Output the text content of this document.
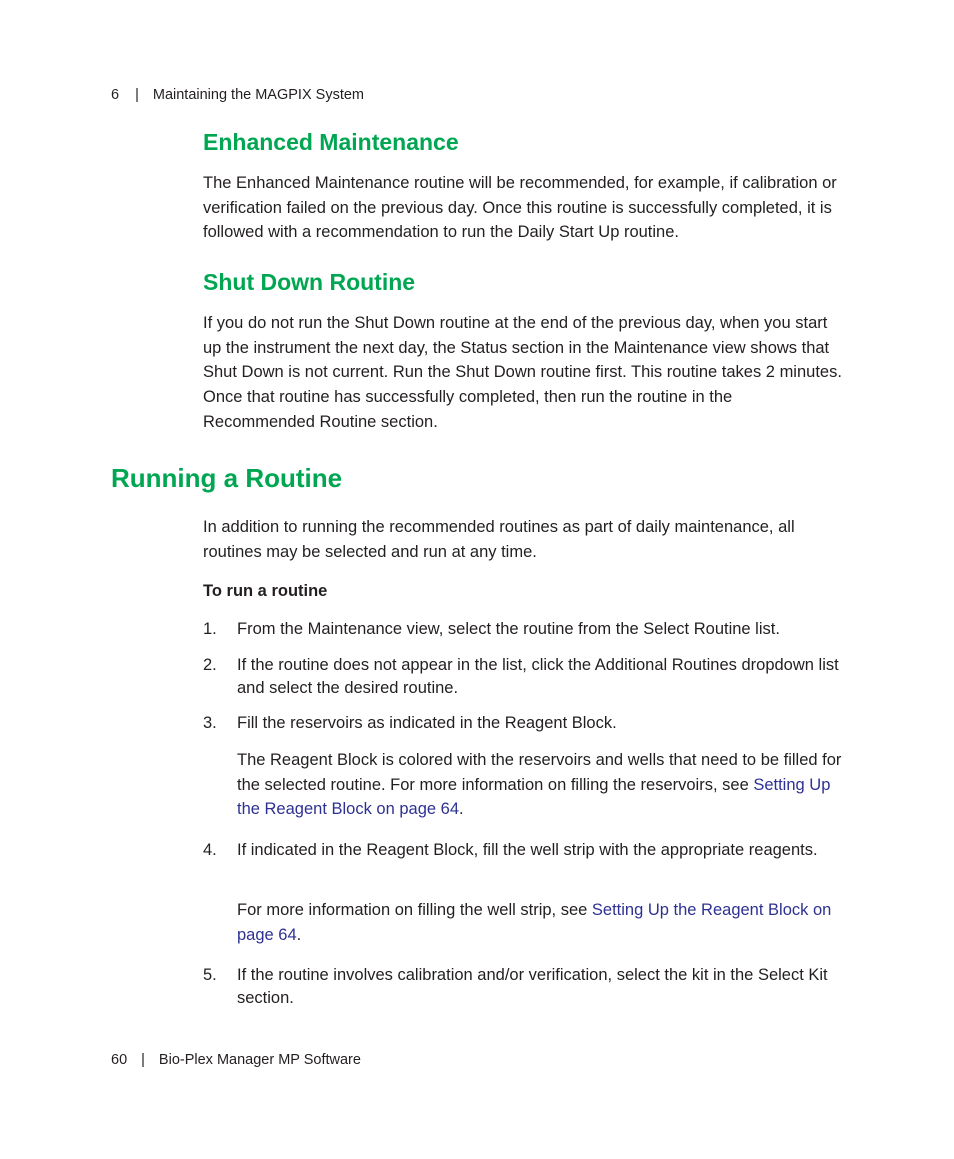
6 | Maintaining the MAGPIX System
Enhanced Maintenance

The Enhanced Maintenance routine will be recommended, for example, if calibration or verification failed on the previous day. Once this routine is successfully completed, it is followed with a recommendation to run the Daily Start Up routine.

Shut Down Routine

If you do not run the Shut Down routine at the end of the previous day, when you start up the instrument the next day, the Status section in the Maintenance view shows that Shut Down is not current. Run the Shut Down routine first. This routine takes 2 minutes. Once that routine has successfully completed, then run the routine in the Recommended Routine section.

Running a Routine

In addition to running the recommended routines as part of daily maintenance, all routines may be selected and run at any time.

To run a routine
1. From the Maintenance view, select the routine from the Select Routine list.
2. If the routine does not appear in the list, click the Additional Routines dropdown list and select the desired routine.
3. Fill the reservoirs as indicated in the Reagent Block.
The Reagent Block is colored with the reservoirs and wells that need to be filled for the selected routine. For more information on filling the reservoirs, see Setting Up the Reagent Block on page 64.
4. If indicated in the Reagent Block, fill the well strip with the appropriate reagents.
For more information on filling the well strip, see Setting Up the Reagent Block on page 64.
5. If the routine involves calibration and/or verification, select the kit in the Select Kit section.
60 | Bio-Plex Manager MP Software
